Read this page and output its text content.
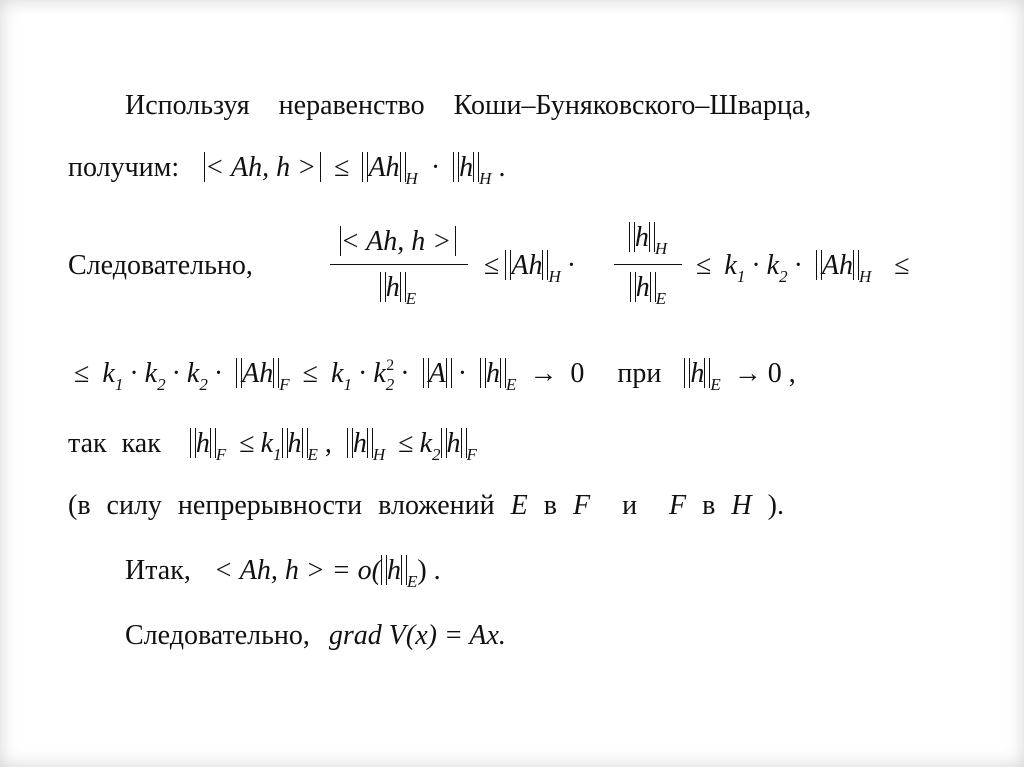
Используя неравенство Коши–Буняковского–Шварца,
получим: < Ah, h > ≤ Ah $_H$ · h $_H$ .
Следовательно,
< Ah, h >
h $_E$
≤ Ah $_H$ ·
h $_H$
h $_E$
≤ $k_1 \cdot k_2 \cdot Ah$ $_H$ ≤
≤ $k_1 \cdot k_2 \cdot k_2 \cdot Ah$ $_F \le k_1 \cdot k_2^2 \cdot A \cdot h$ $_E$ → 0 при h $_E$ → 0 ,
так как h $_F \le k_1$ h $_E$ , h $_H \le k_2$ h $_F$
(в силу непрерывности вложений E в F и F в H ).
Итак, < Ah, h > = o( h $_E$) .
Следовательно, grad V(x) = Ax.
